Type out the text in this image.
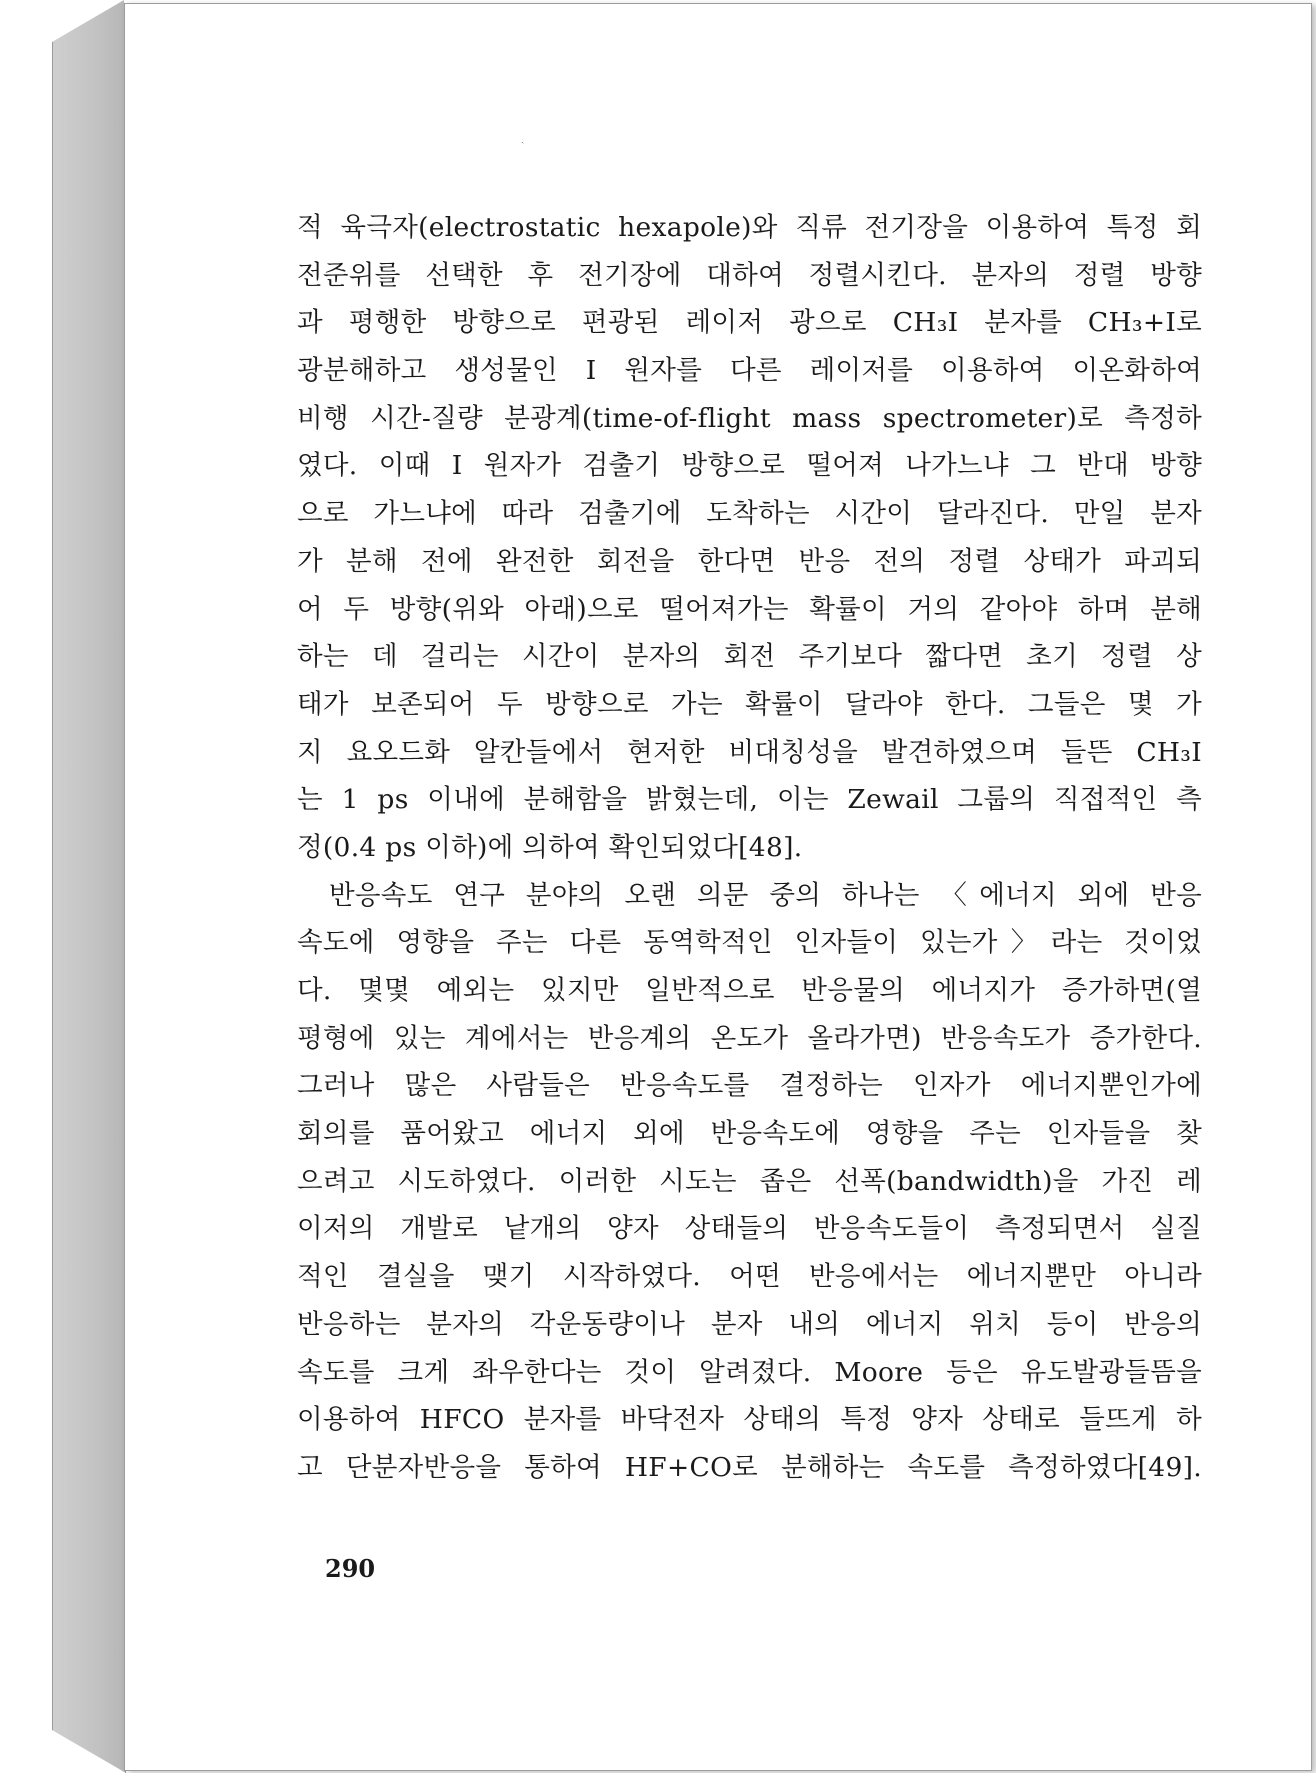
ˏ

적 육극자(electrostatic hexapole)와 직류 전기장을 이용하여 특정 회
전준위를 선택한 후 전기장에 대하여 정렬시킨다. 분자의 정렬 방향
과 평행한 방향으로 편광된 레이저 광으로 CH₃I 분자를 CH₃+I로
광분해하고 생성물인 I 원자를 다른 레이저를 이용하여 이온화하여
비행 시간-질량 분광계(time-of-flight mass spectrometer)로 측정하
였다. 이때 I 원자가 검출기 방향으로 떨어져 나가느냐 그 반대 방향
으로 가느냐에 따라 검출기에 도착하는 시간이 달라진다. 만일 분자
가 분해 전에 완전한 회전을 한다면 반응 전의 정렬 상태가 파괴되
어 두 방향(위와 아래)으로 떨어져가는 확률이 거의 같아야 하며 분해
하는 데 걸리는 시간이 분자의 회전 주기보다 짧다면 초기 정렬 상
태가 보존되어 두 방향으로 가는 확률이 달라야 한다. 그들은 몇 가
지 요오드화 알칸들에서 현저한 비대칭성을 발견하였으며 들뜬 CH₃I
는 1 ps 이내에 분해함을 밝혔는데, 이는 Zewail 그룹의 직접적인 측
정(0.4 ps 이하)에 의하여 확인되었다[48].

반응속도 연구 분야의 오랜 의문 중의 하나는 〈에너지 외에 반응
속도에 영향을 주는 다른 동역학적인 인자들이 있는가〉라는 것이었
다. 몇몇 예외는 있지만 일반적으로 반응물의 에너지가 증가하면(열
평형에 있는 계에서는 반응계의 온도가 올라가면) 반응속도가 증가한다.
그러나 많은 사람들은 반응속도를 결정하는 인자가 에너지뿐인가에
회의를 품어왔고 에너지 외에 반응속도에 영향을 주는 인자들을 찾
으려고 시도하였다. 이러한 시도는 좁은 선폭(bandwidth)을 가진 레
이저의 개발로 낱개의 양자 상태들의 반응속도들이 측정되면서 실질
적인 결실을 맺기 시작하였다. 어떤 반응에서는 에너지뿐만 아니라
반응하는 분자의 각운동량이나 분자 내의 에너지 위치 등이 반응의
속도를 크게 좌우한다는 것이 알려졌다. Moore 등은 유도발광들뜸을
이용하여 HFCO 분자를 바닥전자 상태의 특정 양자 상태로 들뜨게 하
고 단분자반응을 통하여 HF+CO로 분해하는 속도를 측정하였다[49].

290
